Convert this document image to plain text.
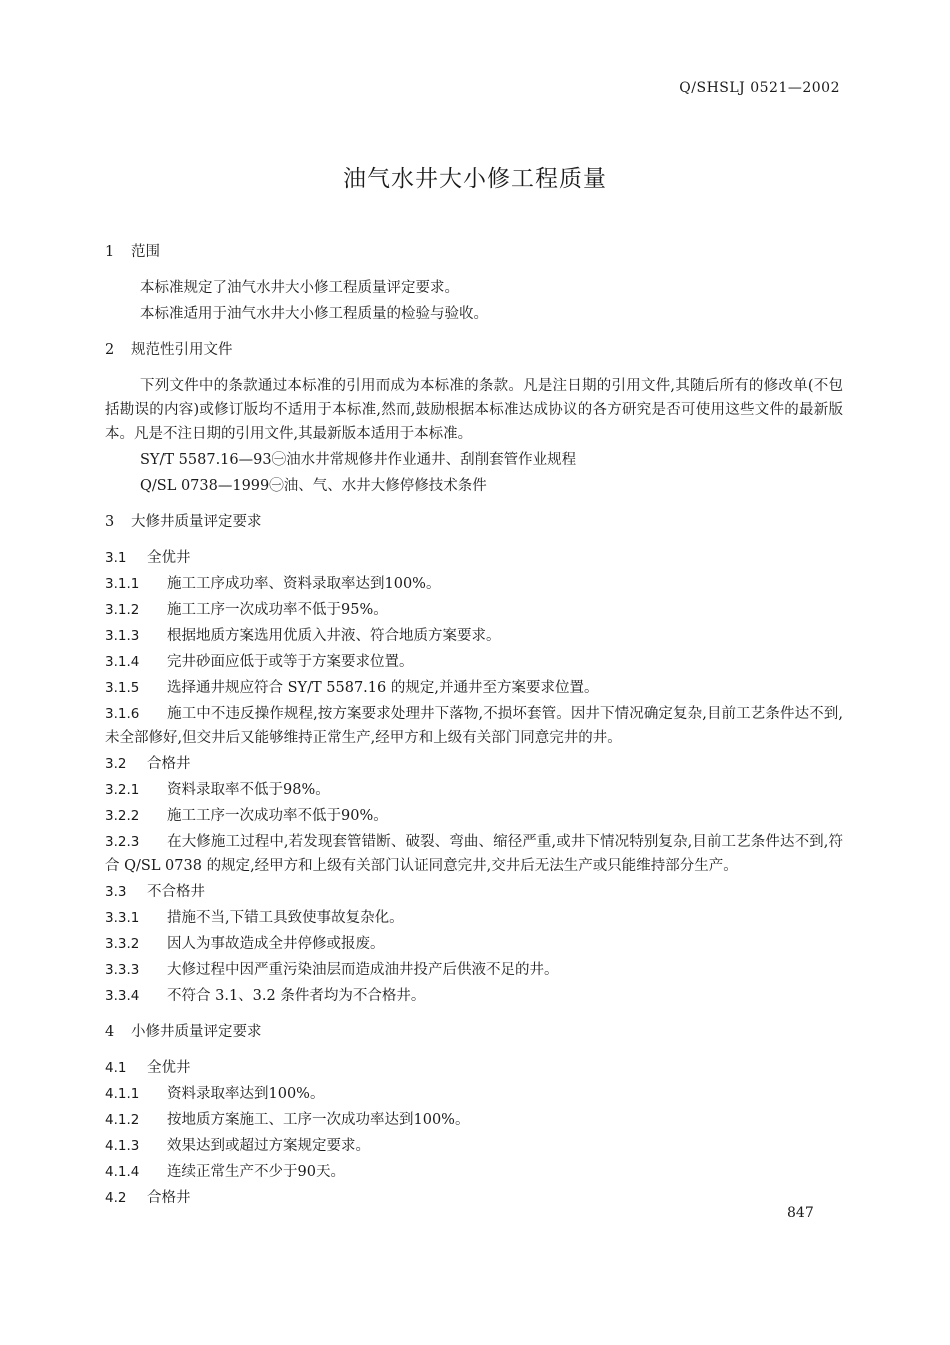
Q/SHSLJ 0521—2002
油气水井大小修工程质量
1 范围
本标准规定了油气水井大小修工程质量评定要求。
本标准适用于油气水井大小修工程质量的检验与验收。
2 规范性引用文件
下列文件中的条款通过本标准的引用而成为本标准的条款。凡是注日期的引用文件,其随后所有的修改单(不包括勘误的内容)或修订版均不适用于本标准,然而,鼓励根据本标准达成协议的各方研究是否可使用这些文件的最新版本。凡是不注日期的引用文件,其最新版本适用于本标准。
SY/T 5587.16—93㊀油水井常规修井作业通井、刮削套管作业规程
Q/SL 0738—1999㊀油、气、水井大修停修技术条件
3 大修井质量评定要求
3.1 全优井
3.1.1 施工工序成功率、资料录取率达到100%。
3.1.2 施工工序一次成功率不低于95%。
3.1.3 根据地质方案选用优质入井液、符合地质方案要求。
3.1.4 完井砂面应低于或等于方案要求位置。
3.1.5 选择通井规应符合 SY/T 5587.16 的规定,并通井至方案要求位置。
3.1.6 施工中不违反操作规程,按方案要求处理井下落物,不损坏套管。因井下情况确定复杂,目前工艺条件达不到,未全部修好,但交井后又能够维持正常生产,经甲方和上级有关部门同意完井的井。
3.2 合格井
3.2.1 资料录取率不低于98%。
3.2.2 施工工序一次成功率不低于90%。
3.2.3 在大修施工过程中,若发现套管错断、破裂、弯曲、缩径严重,或井下情况特别复杂,目前工艺条件达不到,符合 Q/SL 0738 的规定,经甲方和上级有关部门认证同意完井,交井后无法生产或只能维持部分生产。
3.3 不合格井
3.3.1 措施不当,下错工具致使事故复杂化。
3.3.2 因人为事故造成全井停修或报废。
3.3.3 大修过程中因严重污染油层而造成油井投产后供液不足的井。
3.3.4 不符合 3.1、3.2 条件者均为不合格井。
4 小修井质量评定要求
4.1 全优井
4.1.1 资料录取率达到100%。
4.1.2 按地质方案施工、工序一次成功率达到100%。
4.1.3 效果达到或超过方案规定要求。
4.1.4 连续正常生产不少于90天。
4.2 合格井
847
